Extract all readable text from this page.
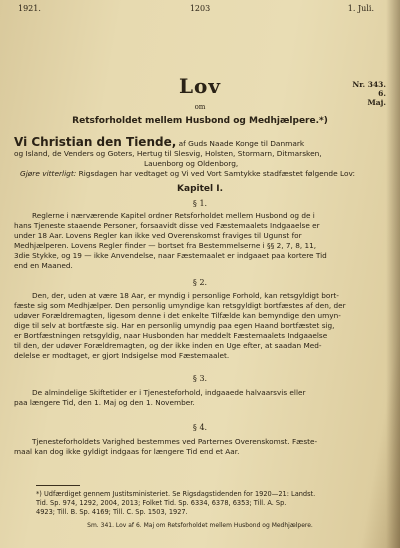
1921.	1203	1. Juli.
Lov	Nr. 343.
6.
Maj.
om
Retsforholdet mellem Husbond og Medhjælpere.*)
Vi Christian den Tiende, af Guds Naade Konge til Danmark
og Island, de Venders og Goters, Hertug til Slesvig, Holsten, Stormarn, Ditmarsken,
Lauenborg og Oldenborg,
Gjøre vitterligt: Rigsdagen har vedtaget og Vi ved Vort Samtykke stadfæstet følgende Lov:
Kapitel I.
§ 1.
Reglerne i nærværende Kapitel ordner Retsforholdet mellem Husbond og de i
hans Tjeneste staaende Personer, forsaavidt disse ved Fæstemaalets Indgaaelse er
under 18 Aar. Lovens Regler kan ikke ved Overenskomst fraviges til Ugunst for
Medhjælperen. Lovens Regler finder — bortset fra Bestemmelserne i §§ 2, 7, 8, 11,
3die Stykke, og 19 — ikke Anvendelse, naar Fæstemaalet er indgaaet paa kortere Tid
end en Maaned.
§ 2.
Den, der, uden at være 18 Aar, er myndig i personlige Forhold, kan retsgyldigt bort-
fæste sig som Medhjælper. Den personlig umyndige kan retsgyldigt bortfæstes af den, der
udøver Forældremagten, ligesom denne i det enkelte Tilfælde kan bemyndige den umyn-
dige til selv at bortfæste sig. Har en personlig umyndig paa egen Haand bortfæstet sig,
er Bortfæstningen retsgyldig, naar Husbonden har meddelt Fæstemaalets Indgaaelse
til den, der udøver Forældremagten, og der ikke inden en Uge efter, at saadan Med-
delelse er modtaget, er gjort Indsigelse mod Fæstemaalet.
§ 3.
De almindelige Skiftetider er i Tjenesteforhold, indgaaede halvaarsvis eller
paa længere Tid, den 1. Maj og den 1. November.
§ 4.
Tjenesteforholdets Varighed bestemmes ved Parternes Overenskomst. Fæste-
maal kan dog ikke gyldigt indgaas for længere Tid end et Aar.
*) Udfærdiget gennem Justitsministeriet. Se Rigsdagstidenden for 1920—21: Landst.
Tid. Sp. 974, 1292, 2004, 2013; Folket Tid. Sp. 6334, 6378, 6353; Till. A. Sp.
4923; Till. B. Sp. 4169; Till. C. Sp. 1503, 1927.
Sm. 341. Lov af 6. Maj om Retsforholdet mellem Husbond og Medhjælpere.
